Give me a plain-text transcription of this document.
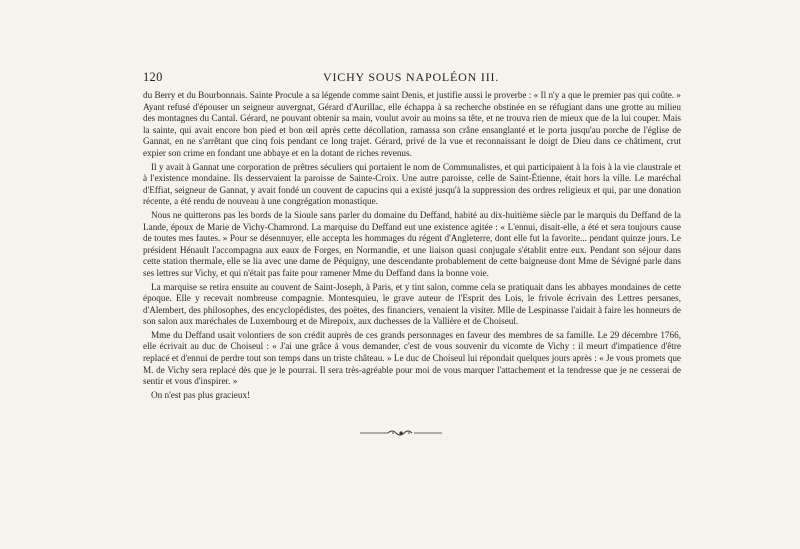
120	VICHY SOUS NAPOLÉON III.

du Berry et du Bourbonnais. Sainte Procule a sa légende comme saint Denis, et justifie aussi le proverbe : « Il n'y a que le premier pas qui coûte. » Ayant refusé d'épouser un seigneur auvergnat, Gérard d'Aurillac, elle échappa à sa recherche obstinée en se réfugiant dans une grotte au milieu des montagnes du Cantal. Gérard, ne pouvant obtenir sa main, voulut avoir au moins sa tête, et ne trouva rien de mieux que de la lui couper. Mais la sainte, qui avait encore bon pied et bon œil après cette décollation, ramassa son crâne ensanglanté et le porta jusqu'au porche de l'église de Gannat, en ne s'arrêtant que cinq fois pendant ce long trajet. Gérard, privé de la vue et reconnaissant le doigt de Dieu dans ce châtiment, crut expier son crime en fondant une abbaye et en la dotant de riches revenus.

Il y avait à Gannat une corporation de prêtres séculiers qui portaient le nom de Communalistes, et qui participaient à la fois à la vie claustrale et à l'existence mondaine. Ils desservaient la paroisse de Sainte-Croix. Une autre paroisse, celle de Saint-Étienne, était hors la ville. Le maréchal d'Effiat, seigneur de Gannat, y avait fondé un couvent de capucins qui a existé jusqu'à la suppression des ordres religieux et qui, par une donation récente, a été rendu de nouveau à une congrégation monastique.

Nous ne quitterons pas les bords de la Sioule sans parler du domaine du Deffand, habité au dix-huitième siècle par le marquis du Deffand de la Lande, époux de Marie de Vichy-Chamrond. La marquise du Deffand eut une existence agitée : « L'ennui, disait-elle, a été et sera toujours cause de toutes mes fautes. » Pour se désennuyer, elle accepta les hommages du régent d'Angleterre, dont elle fut la favorite... pendant quinze jours. Le président Hénault l'accompagna aux eaux de Forges, en Normandie, et une liaison quasi conjugale s'établit entre eux. Pendant son séjour dans cette station thermale, elle se lia avec une dame de Péquigny, une descendante probablement de cette baigneuse dont Mme de Sévigné parle dans ses lettres sur Vichy, et qui n'était pas faite pour ramener Mme du Deffand dans la bonne voie.

La marquise se retira ensuite au couvent de Saint-Joseph, à Paris, et y tint salon, comme cela se pratiquait dans les abbayes mondaines de cette époque. Elle y recevait nombreuse compagnie. Montesquieu, le grave auteur de l'Esprit des Lois, le frivole écrivain des Lettres persanes, d'Alembert, des philosophes, des encyclopédistes, des poëtes, des financiers, venaient la visiter. Mlle de Lespinasse l'aidait à faire les honneurs de son salon aux maréchales de Luxembourg et de Mirepoix, aux duchesses de la Vallière et de Choiseul.

Mme du Deffand usait volontiers de son crédit auprès de ces grands personnages en faveur des membres de sa famille. Le 29 décembre 1766, elle écrivait au duc de Choiseul : « J'ai une grâce à vous demander, c'est de vous souvenir du vicomte de Vichy : il meurt d'impatience d'être replacé et d'ennui de perdre tout son temps dans un triste château. » Le duc de Choiseul lui répondait quelques jours après : « Je vous promets que M. de Vichy sera replacé dès que je le pourrai. Il sera très-agréable pour moi de vous marquer l'attachement et la tendresse que je ne cesserai de sentir et vous d'inspirer. »

On n'est pas plus gracieux!
